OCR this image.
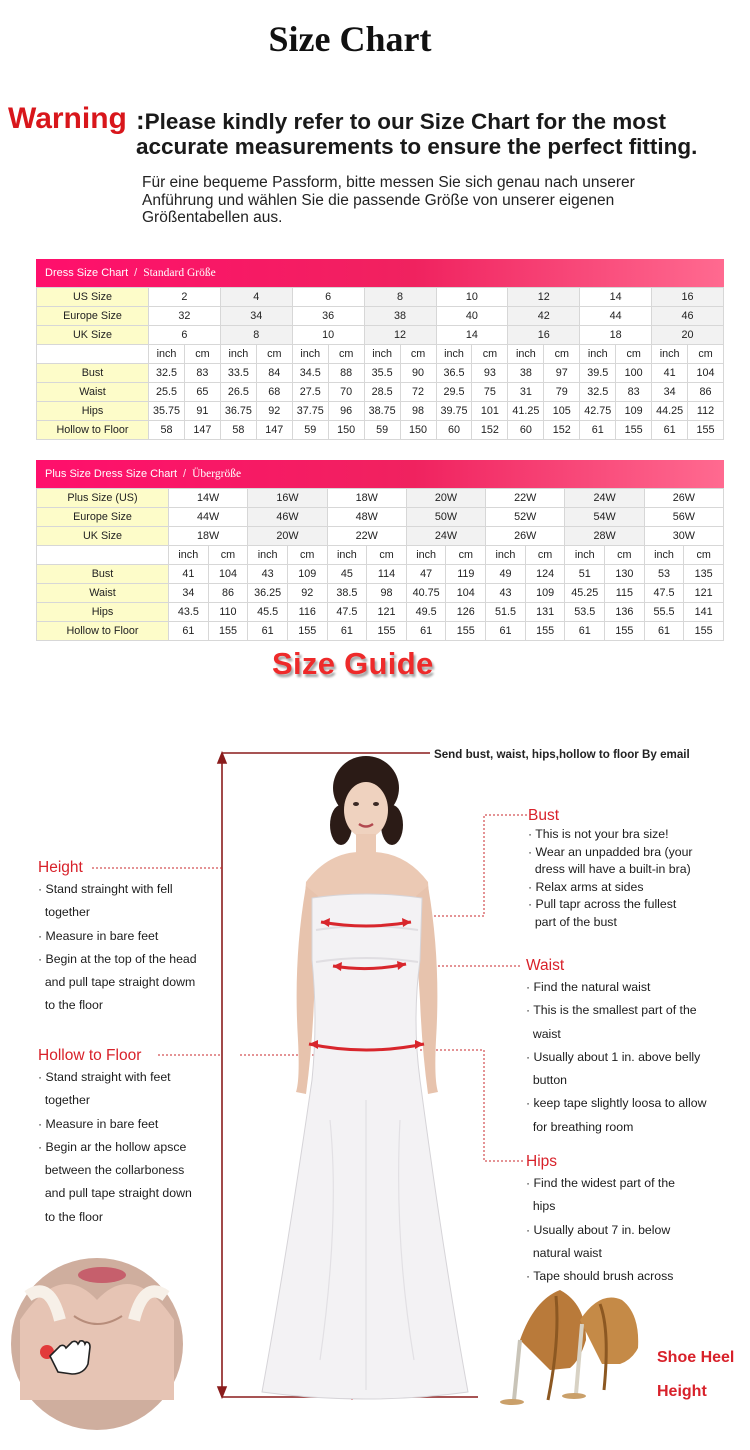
Size Chart
Warning :Please kindly refer to our Size Chart for the most
accurate measurements to ensure the perfect fitting.
Für eine bequeme Passform, bitte messen Sie sich genau nach unserer
Anführung und wählen Sie die passende Größe von unserer eigenen
Größentabellen aus.
Dress Size Chart / Standard Größe
US Size	2		4		6		8		10		12		14		16	
Europe Size	32		34		36		38		40		42		44		46	
UK Size	6		8		10		12		14		16		18		20	
	inch	cm	inch	cm	inch	cm	inch	cm	inch	cm	inch	cm	inch	cm	inch	cm
Bust	32.5	83	33.5	84	34.5	88	35.5	90	36.5	93	38	97	39.5	100	41	104
Waist	25.5	65	26.5	68	27.5	70	28.5	72	29.5	75	31	79	32.5	83	34	86
Hips	35.75	91	36.75	92	37.75	96	38.75	98	39.75	101	41.25	105	42.75	109	44.25	112
Hollow to Floor	58	147	58	147	59	150	59	150	60	152	60	152	61	155	61	155
Plus Size Dress Size Chart / Übergröße
Plus Size (US)	14W		16W		18W		20W		22W		24W		26W	
Europe Size	44W		46W		48W		50W		52W		54W		56W	
UK Size	18W		20W		22W		24W		26W		28W		30W	
	inch	cm	inch	cm	inch	cm	inch	cm	inch	cm	inch	cm	inch	cm
Bust	41	104	43	109	45	114	47	119	49	124	51	130	53	135
Waist	34	86	36.25	92	38.5	98	40.75	104	43	109	45.25	115	47.5	121
Hips	43.5	110	45.5	116	47.5	121	49.5	126	51.5	131	53.5	136	55.5	141
Hollow to Floor	61	155	61	155	61	155	61	155	61	155	61	155	61	155
Size Guide
Send bust, waist, hips,hollow to floor By email
Height
· Stand strainght with fell
together
· Measure in bare feet
· Begin at the top of the head
and pull tape straight dowm
to the floor
Hollow to Floor
· Stand straight with feet
together
· Measure in bare feet
· Begin ar the hollow apsce
between the collarboness
and pull tape straight down
to the floor
Bust
· This is not your bra size!
· Wear an unpadded bra (your
dress will have a built-in bra)
· Relax arms at sides
· Pull tapr across the fullest
part of the bust
Waist
· Find the natural waist
· This is the smallest part of the
waist
· Usually about 1 in. above belly
button
· keep tape slightly loosa to allow
for breathing room
Hips
· Find the widest part of the
hips
· Usually about 7 in. below
natural waist
· Tape should brush across
Shoe Heel
Height
